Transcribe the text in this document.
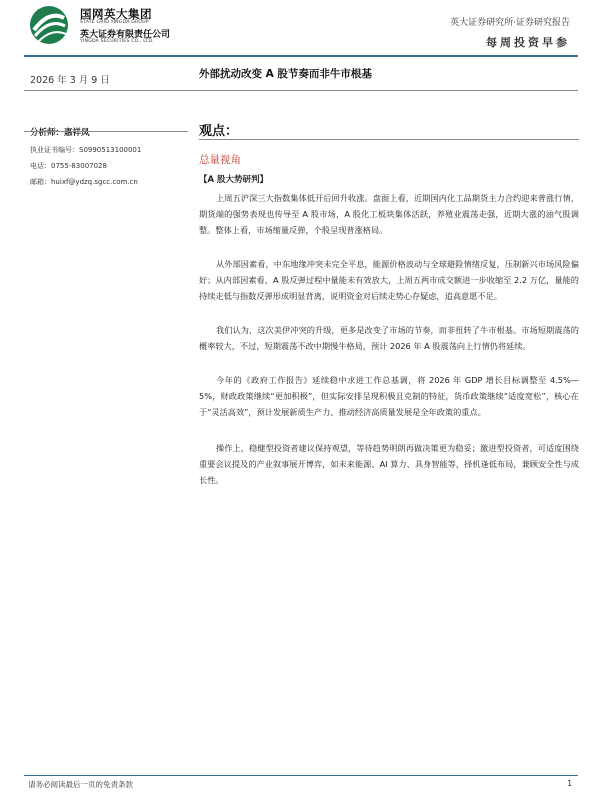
国网英大集团
STATE GRID YINGDA GROUP
英大证券有限责任公司
YINGDA SECURITIES CO., LTD.
英大证券研究所·证券研究报告
每周投资早参
2026 年 3 月 9 日
外部扰动改变 A 股节奏而非牛市根基
分析师：惠祥凤
执业证书编号：S0990513100001
电话：0755-83007028
邮箱：huixf@ydzq.sgcc.com.cn
观点：
总量视角
【A 股大势研判】
上周五沪深三大指数集体低开后回升收涨。盘面上看，近期国内化工品期货主力合约迎来普涨行情，期货端的强势表现也传导至 A 股市场，A 股化工板块集体活跃，养殖业震荡走强，近期大涨的油气股调整。整体上看，市场缩量反弹，个股呈现普涨格局。
从外部因素看，中东地缘冲突未完全平息，能源价格波动与全球避险情绪反复，压制新兴市场风险偏好；从内部因素看，A 股反弹过程中量能未有效放大，上周五两市成交额进一步收缩至 2.2 万亿，量能的持续走低与指数反弹形成明显背离，说明资金对后续走势心存疑虑，追高意愿不足。
我们认为，这次美伊冲突的升级，更多是改变了市场的节奏，而非扭转了牛市根基。市场短期震荡的概率较大，不过，短期震荡不改中期慢牛格局，预计 2026 年 A 股震荡向上行情仍将延续。
今年的《政府工作报告》延续稳中求进工作总基调，将 2026 年 GDP 增长目标调整至 4.5%—5%，财政政策继续“更加积极”，但实际安排呈现积极且克制的特征，货币政策继续“适度宽松”，核心在于“灵活高效”，预计发展新质生产力、推动经济高质量发展是全年政策的重点。
操作上，稳健型投资者建议保持观望，等待趋势明朗再做决策更为稳妥；激进型投资者，可适度围绕重要会议提及的产业叙事展开博弈，如未来能源、AI 算力、具身智能等，择机逢低布局，兼顾安全性与成长性。
请务必阅读最后一页的免责条款	1
